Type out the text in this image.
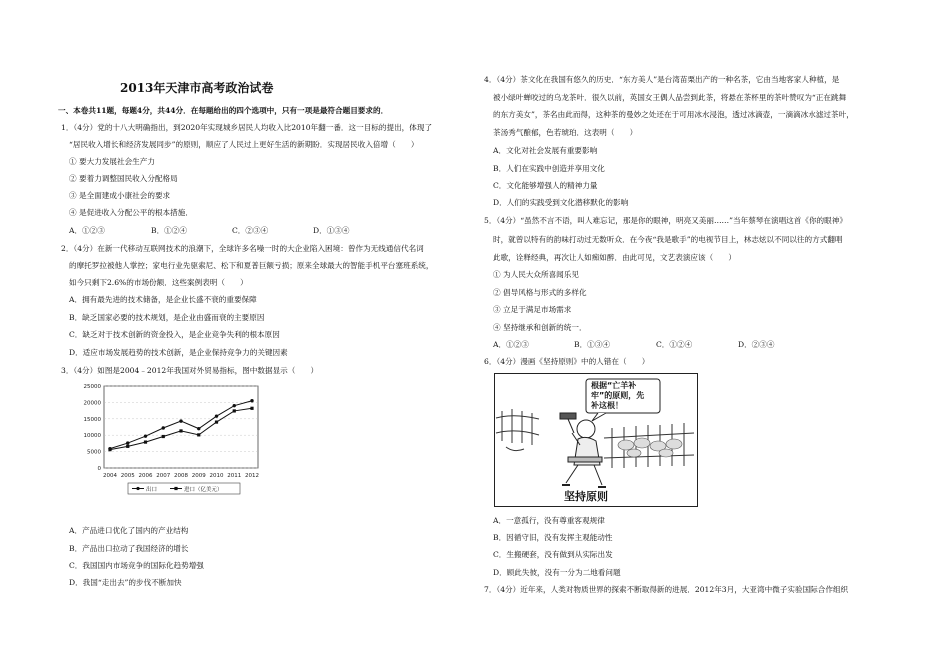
2013年天津市高考政治试卷
一、本卷共11题，每题4分，共44分．在每题给出的四个选项中，只有一项是最符合题目要求的．
1．（4分）党的十八大明确指出，到2020年实现城乡居民人均收入比2010年翻一番．这一目标的提出，体现了
“居民收入增长和经济发展同步”的原则，顺应了人民过上更好生活的新期盼．实现居民收入倍增（　　）
① 要大力发展社会生产力
② 要着力调整国民收入分配格局
③ 是全面建成小康社会的要求
④ 是促进收入分配公平的根本措施．
A．①②③	B．①②④	C．②③④	D．①③④
2．（4分）在新一代移动互联网技术的浪潮下，全球许多名噪一时的大企业陷入困境：曾作为无线通信代名词
的摩托罗拉被他人掌控；家电行业先驱索尼、松下和夏普巨额亏损；原来全球最大的智能手机平台塞班系统，
如今只剩下2.6%的市场份额．这些案例表明（　　）
A．拥有最先进的技术储备，是企业长盛不衰的重要保障
B．缺乏国家必要的技术规划，是企业由盛而衰的主要原因
C．缺乏对于技术创新的资金投入，是企业竞争失利的根本原因
D．适应市场发展趋势的技术创新，是企业保持竞争力的关键因素
3．（4分）如图是2004﹣2012年我国对外贸易指标，图中数据显示（　　）
25000
20000
15000
10000
5000
0
2004 2005 2006 2007 2008 2009 2010 2011 2012
出口	进口（亿美元）
A．产品进口优化了国内的产业结构
B．产品出口拉动了我国经济的增长
C．我国国内市场竞争的国际化趋势增强
D．我国“走出去”的步伐不断加快
4．（4分）茶文化在我国有悠久的历史．“东方美人”是台湾苗栗出产的一种名茶，它由当地客家人种植，是
被小绿叶蝉咬过的乌龙茶叶．很久以前，英国女王偶人品尝到此茶，将悬在茶杯里的茶叶赞叹为“正在跳舞
的东方美女”，茶名由此而得，这种茶的曼妙之处还在于可用冰水浸泡，透过冰滴壶，一滴滴冰水滤过茶叶，
茶汤秀气酿郁，色若琥珀．这表明（　　）
A．文化对社会发展有重要影响
B．人们在实践中创造并享用文化
C．文化能够增强人的精神力量
D．人们的实践受到文化潜移默化的影响
5．（4分）“虽然不言不语，叫人难忘记，那是你的眼神，明亮又美丽……”当年蔡琴在演唱这首《你的眼神》
时，就曾以特有的韵味打动过无数听众．在今夜“我是歌手”的电视节目上，林志炫以不同以往的方式翻唱
此歌，诠释经典，再次让人如痴如醉．由此可见，文艺表演应该（　　）
① 为人民大众所喜闻乐见
② 倡导风格与形式的多样化
③ 立足于满足市场需求
④ 坚持继承和创新的统一．
A．①②③	B．①③④	C．①②④	D．②③④
6．（4分）漫画《坚持原则》中的人错在（　　）
根据“亡羊补
牢”的原则，先
补这根！
坚持原则
A．一意孤行，没有尊重客观规律
B．因循守旧，没有发挥主观能动性
C．生搬硬套，没有做到从实际出发
D．顾此失彼，没有一分为二地看问题
7．（4分）近年来，人类对物质世界的探索不断取得新的进展．2012年3月，大亚湾中微子实验国际合作组织
